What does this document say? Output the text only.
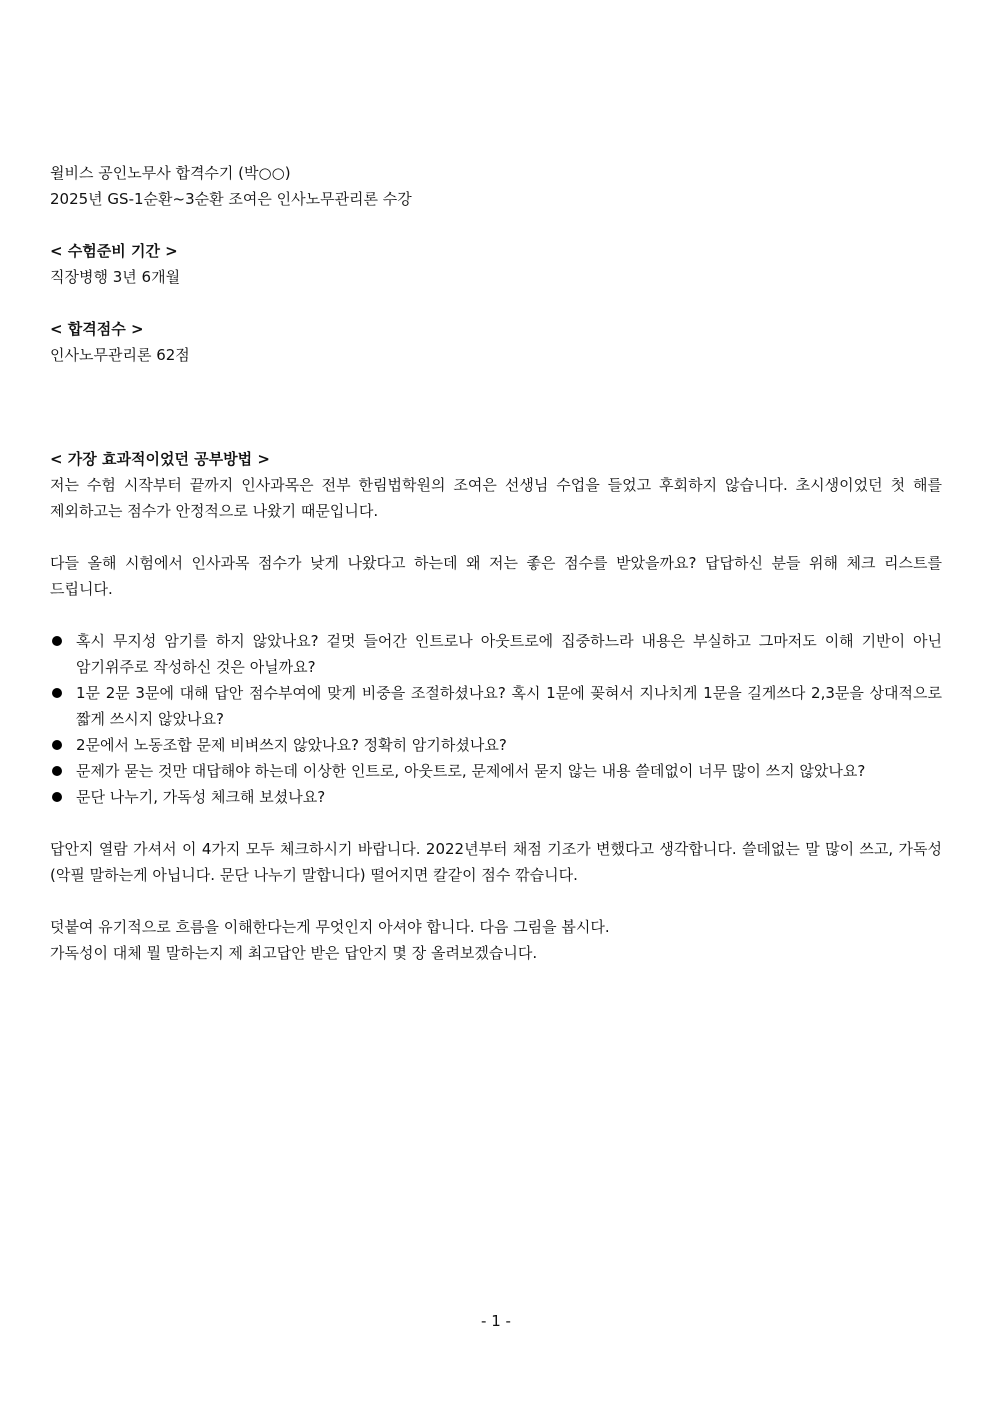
윌비스 공인노무사 합격수기 (박○○)
2025년 GS-1순환~3순환 조여은 인사노무관리론 수강
< 수험준비 기간 >
직장병행 3년 6개월
< 합격점수 >
인사노무관리론 62점
< 가장 효과적이었던 공부방법 >
저는 수험 시작부터 끝까지 인사과목은 전부 한림법학원의 조여은 선생님 수업을 들었고 후회하지 않습니다. 초시생이었던 첫 해를 제외하고는 점수가 안정적으로 나왔기 때문입니다.
다들 올해 시험에서 인사과목 점수가 낮게 나왔다고 하는데 왜 저는 좋은 점수를 받았을까요? 답답하신 분들 위해 체크 리스트를 드립니다.
혹시 무지성 암기를 하지 않았나요? 겉멋 들어간 인트로나 아웃트로에 집중하느라 내용은 부실하고 그마저도 이해 기반이 아닌 암기위주로 작성하신 것은 아닐까요?
1문 2문 3문에 대해 답안 점수부여에 맞게 비중을 조절하셨나요? 혹시 1문에 꽂혀서 지나치게 1문을 길게쓰다 2,3문을 상대적으로 짧게 쓰시지 않았나요?
2문에서 노동조합 문제 비벼쓰지 않았나요? 정확히 암기하셨나요?
문제가 묻는 것만 대답해야 하는데 이상한 인트로, 아웃트로, 문제에서 묻지 않는 내용 쓸데없이 너무 많이 쓰지 않았나요?
문단 나누기, 가독성 체크해 보셨나요?
답안지 열람 가셔서 이 4가지 모두 체크하시기 바랍니다. 2022년부터 채점 기조가 변했다고 생각합니다. 쓸데없는 말 많이 쓰고, 가독성(악필 말하는게 아닙니다. 문단 나누기 말합니다) 떨어지면 칼같이 점수 깎습니다.
덧붙여 유기적으로 흐름을 이해한다는게 무엇인지 아셔야 합니다. 다음 그림을 봅시다.
가독성이 대체 뭘 말하는지 제 최고답안 받은 답안지 몇 장 올려보겠습니다.
- 1 -
